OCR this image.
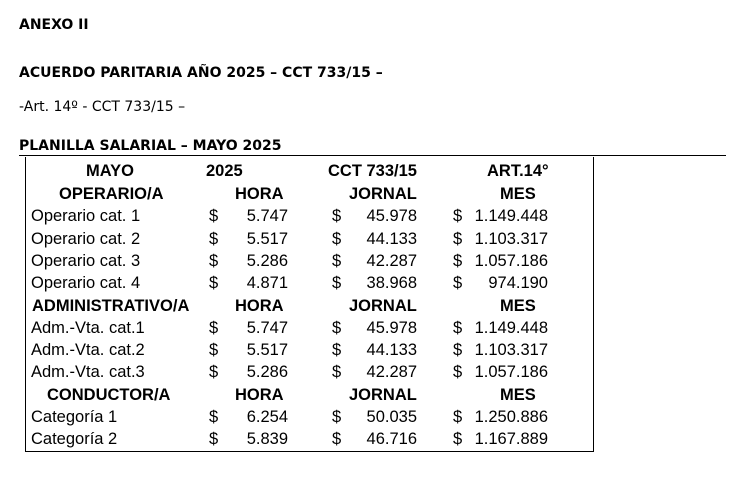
ANEXO II
ACUERDO PARITARIA AÑO 2025 – CCT 733/15 –
-Art. 14º - CCT 733/15 –
PLANILLA SALARIAL – MAYO 2025
MAYO	2025	CCT 733/15	ART.14°
OPERARIO/A	HORA	JORNAL	MES
Operario cat. 1	$ 5.747	$ 45.978 $ 1.149.448
Operario cat. 2	$ 5.517	$ 44.133 $ 1.103.317
Operario cat. 3	$ 5.286	$ 42.287 $ 1.057.186
Operario cat. 4	$ 4.871	$ 38.968 $ 974.190
ADMINISTRATIVO/A	HORA	JORNAL	MES
Adm.-Vta. cat.1	$ 5.747	$ 45.978 $ 1.149.448
Adm.-Vta. cat.2	$ 5.517	$ 44.133 $ 1.103.317
Adm.-Vta. cat.3	$ 5.286	$ 42.287 $ 1.057.186
CONDUCTOR/A	HORA	JORNAL	MES
Categoría 1	$ 6.254	$ 50.035 $ 1.250.886
Categoría 2	$ 5.839	$ 46.716 $ 1.167.889
